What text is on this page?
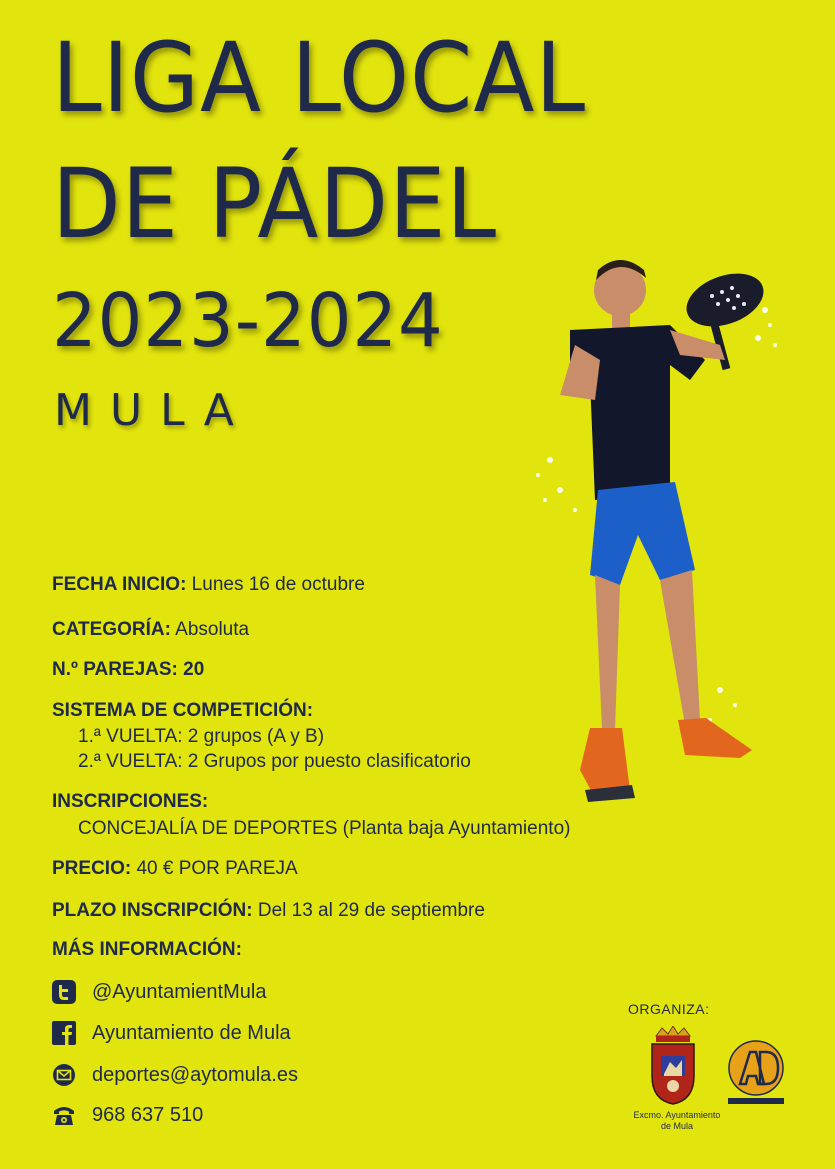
LIGA LOCAL
DE PÁDEL
2023-2024
MULA
FECHA INICIO: Lunes 16 de octubre
CATEGORÍA: Absoluta
N.º PAREJAS: 20
SISTEMA DE COMPETICIÓN:
1.ª VUELTA: 2 grupos (A y B)
2.ª VUELTA: 2 Grupos por puesto clasificatorio
INSCRIPCIONES:
CONCEJALÍA DE DEPORTES (Planta baja Ayuntamiento)
PRECIO: 40 € POR PAREJA
PLAZO INSCRIPCIÓN: Del 13 al 29 de septiembre
MÁS INFORMACIÓN:
@AyuntamientMula
Ayuntamiento de Mula
deportes@aytomula.es
968 637 510
ORGANIZA:
Excmo. Ayuntamiento
de Mula
